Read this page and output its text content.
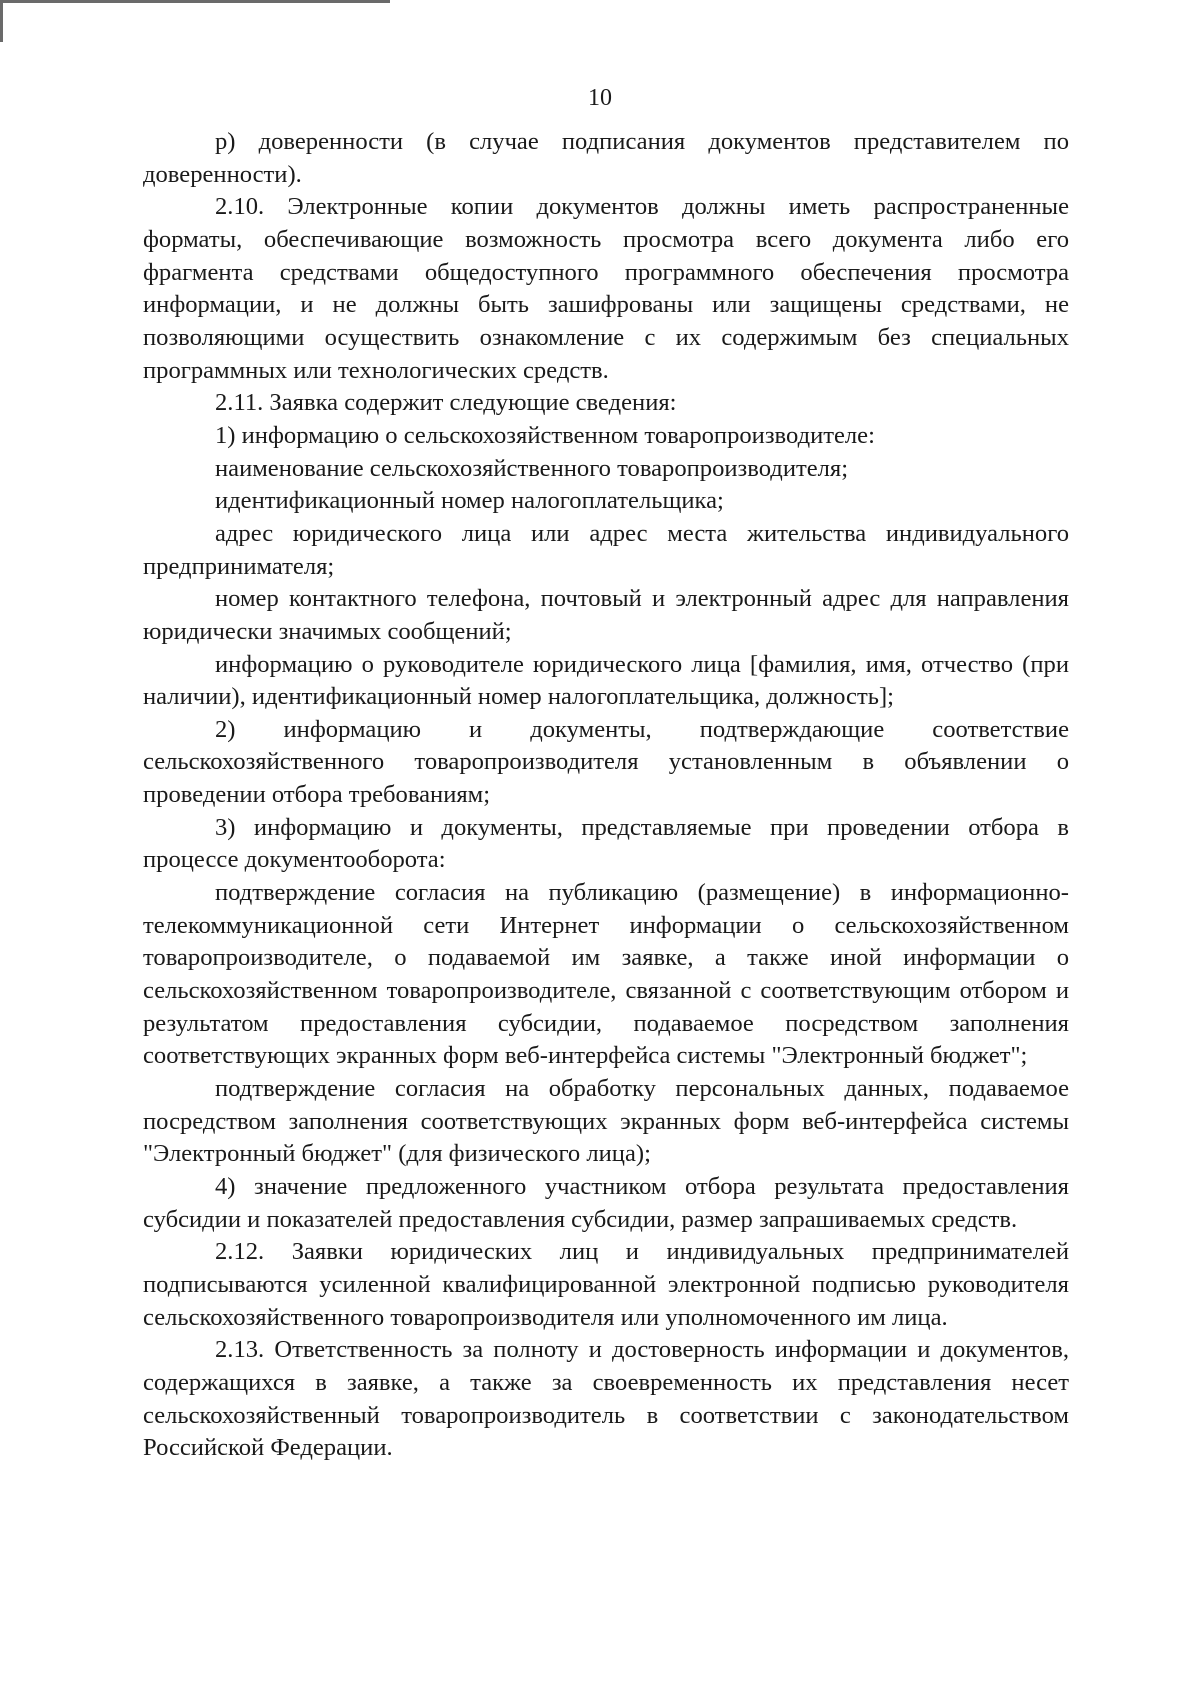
10

р) доверенности (в случае подписания документов представителем по доверенности).

2.10. Электронные копии документов должны иметь распространенные форматы, обеспечивающие возможность просмотра всего документа либо его фрагмента средствами общедоступного программного обеспечения просмотра информации, и не должны быть зашифрованы или защищены средствами, не позволяющими осуществить ознакомление с их содержимым без специальных программных или технологических средств.

2.11. Заявка содержит следующие сведения:

1) информацию о сельскохозяйственном товаропроизводителе:

наименование сельскохозяйственного товаропроизводителя;

идентификационный номер налогоплательщика;

адрес юридического лица или адрес места жительства индивидуального предпринимателя;

номер контактного телефона, почтовый и электронный адрес для направления юридически значимых сообщений;

информацию о руководителе юридического лица [фамилия, имя, отчество (при наличии), идентификационный номер налогоплательщика, должность];

2) информацию и документы, подтверждающие соответствие сельскохозяйственного товаропроизводителя установленным в объявлении о проведении отбора требованиям;

3) информацию и документы, представляемые при проведении отбора в процессе документооборота:

подтверждение согласия на публикацию (размещение) в информационно-телекоммуникационной сети Интернет информации о сельскохозяйственном товаропроизводителе, о подаваемой им заявке, а также иной информации о сельскохозяйственном товаропроизводителе, связанной с соответствующим отбором и результатом предоставления субсидии, подаваемое посредством заполнения соответствующих экранных форм веб-интерфейса системы "Электронный бюджет";

подтверждение согласия на обработку персональных данных, подаваемое посредством заполнения соответствующих экранных форм веб-интерфейса системы "Электронный бюджет" (для физического лица);

4) значение предложенного участником отбора результата предоставления субсидии и показателей предоставления субсидии, размер запрашиваемых средств.

2.12. Заявки юридических лиц и индивидуальных предпринимателей подписываются усиленной квалифицированной электронной подписью руководителя сельскохозяйственного товаропроизводителя или уполномоченного им лица.

2.13. Ответственность за полноту и достоверность информации и документов, содержащихся в заявке, а также за своевременность их представления несет сельскохозяйственный товаропроизводитель в соответствии с законодательством Российской Федерации.
